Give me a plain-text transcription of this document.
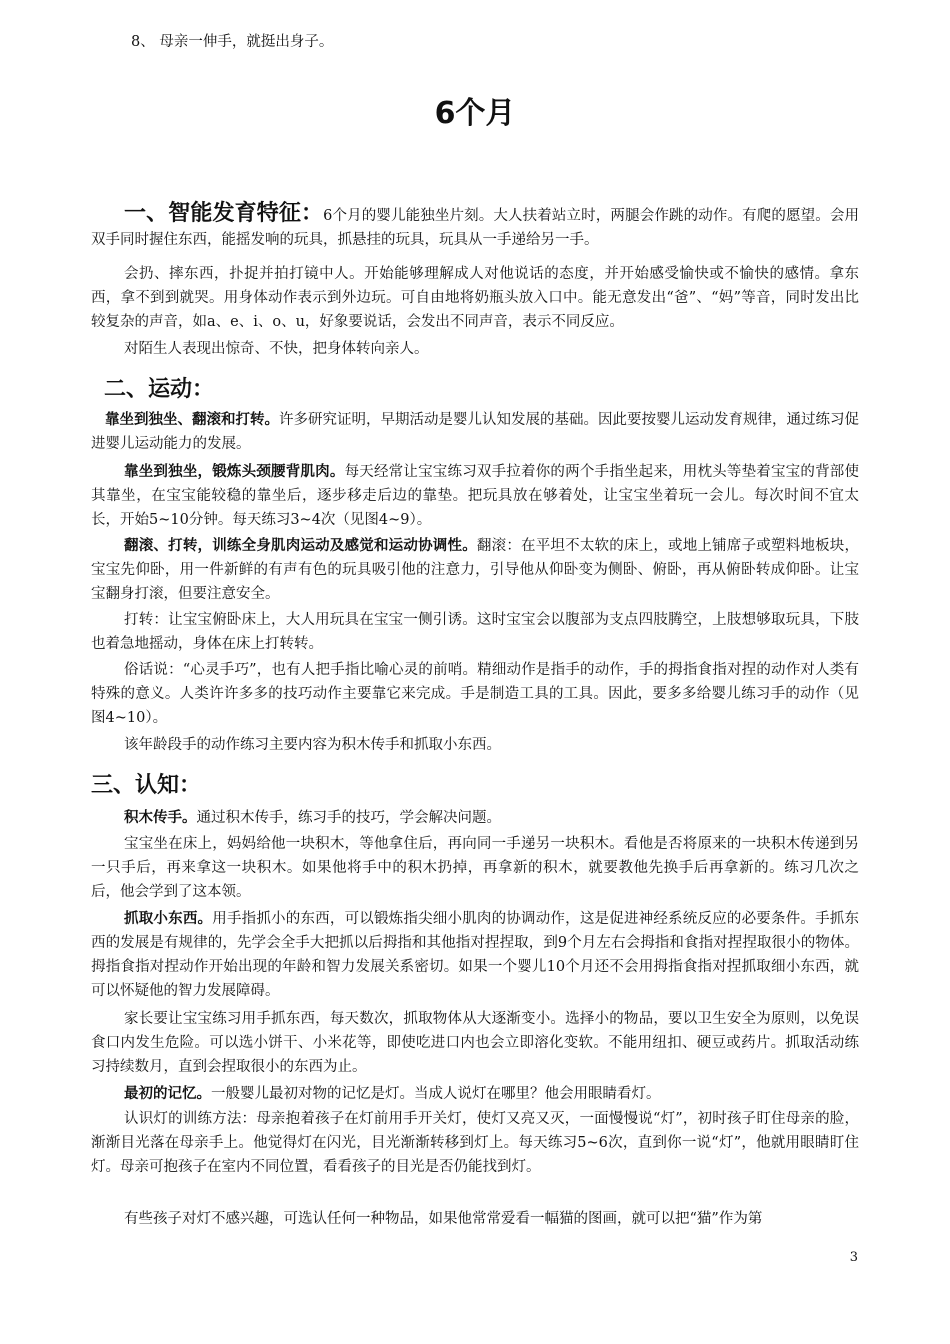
8、 母亲一伸手，就挺出身子。
6个月
一、智能发育特征：6个月的婴儿能独坐片刻。大人扶着站立时，两腿会作跳的动作。有爬的愿望。会用双手同时握住东西，能摇发响的玩具，抓悬挂的玩具，玩具从一手递给另一手。
会扔、摔东西，扑捉并拍打镜中人。开始能够理解成人对他说话的态度，并开始感受愉快或不愉快的感情。拿东西，拿不到到就哭。用身体动作表示到外边玩。可自由地将奶瓶头放入口中。能无意发出“爸”、“妈”等音，同时发出比较复杂的声音，如a、e、i、o、u，好象要说话，会发出不同声音，表示不同反应。
对陌生人表现出惊奇、不快，把身体转向亲人。
二、运动：
靠坐到独坐、翻滚和打转。许多研究证明，早期活动是婴儿认知发展的基础。因此要按婴儿运动发育规律，通过练习促进婴儿运动能力的发展。
靠坐到独坐，锻炼头颈腰背肌肉。每天经常让宝宝练习双手拉着你的两个手指坐起来，用枕头等垫着宝宝的背部使其靠坐，在宝宝能较稳的靠坐后，逐步移走后边的靠垫。把玩具放在够着处，让宝宝坐着玩一会儿。每次时间不宜太长，开始5~10分钟。每天练习3~4次（见图4~9）。
翻滚、打转，训练全身肌肉运动及感觉和运动协调性。翻滚：在平坦不太软的床上，或地上铺席子或塑料地板块，宝宝先仰卧，用一件新鲜的有声有色的玩具吸引他的注意力，引导他从仰卧变为侧卧、俯卧，再从俯卧转成仰卧。让宝宝翻身打滚，但要注意安全。
打转：让宝宝俯卧床上，大人用玩具在宝宝一侧引诱。这时宝宝会以腹部为支点四肢腾空，上肢想够取玩具，下肢也着急地摇动，身体在床上打转转。
俗话说：“心灵手巧”，也有人把手指比喻心灵的前哨。精细动作是指手的动作，手的拇指食指对捏的动作对人类有特殊的意义。人类许许多多的技巧动作主要靠它来完成。手是制造工具的工具。因此，要多多给婴儿练习手的动作（见图4~10）。
该年龄段手的动作练习主要内容为积木传手和抓取小东西。
三、认知：
积木传手。通过积木传手，练习手的技巧，学会解决问题。
宝宝坐在床上，妈妈给他一块积木，等他拿住后，再向同一手递另一块积木。看他是否将原来的一块积木传递到另一只手后，再来拿这一块积木。如果他将手中的积木扔掉，再拿新的积木，就要教他先换手后再拿新的。练习几次之后，他会学到了这本领。
抓取小东西。用手指抓小的东西，可以锻炼指尖细小肌肉的协调动作，这是促进神经系统反应的必要条件。手抓东西的发展是有规律的，先学会全手大把抓以后拇指和其他指对捏捏取，到9个月左右会拇指和食指对捏捏取很小的物体。拇指食指对捏动作开始出现的年龄和智力发展关系密切。如果一个婴儿10个月还不会用拇指食指对捏抓取细小东西，就可以怀疑他的智力发展障碍。
家长要让宝宝练习用手抓东西，每天数次，抓取物体从大逐渐变小。选择小的物品，要以卫生安全为原则，以免误食口内发生危险。可以选小饼干、小米花等，即使吃进口内也会立即溶化变软。不能用纽扣、硬豆或药片。抓取活动练习持续数月，直到会捏取很小的东西为止。
最初的记忆。一般婴儿最初对物的记忆是灯。当成人说灯在哪里？他会用眼睛看灯。
认识灯的训练方法：母亲抱着孩子在灯前用手开关灯，使灯又亮又灭，一面慢慢说“灯”，初时孩子盯住母亲的脸，渐渐目光落在母亲手上。他觉得灯在闪光，目光渐渐转移到灯上。每天练习5~6次，直到你一说“灯”，他就用眼睛盯住灯。母亲可抱孩子在室内不同位置，看看孩子的目光是否仍能找到灯。
有些孩子对灯不感兴趣，可选认任何一种物品，如果他常常爱看一幅猫的图画，就可以把“猫”作为第
3
